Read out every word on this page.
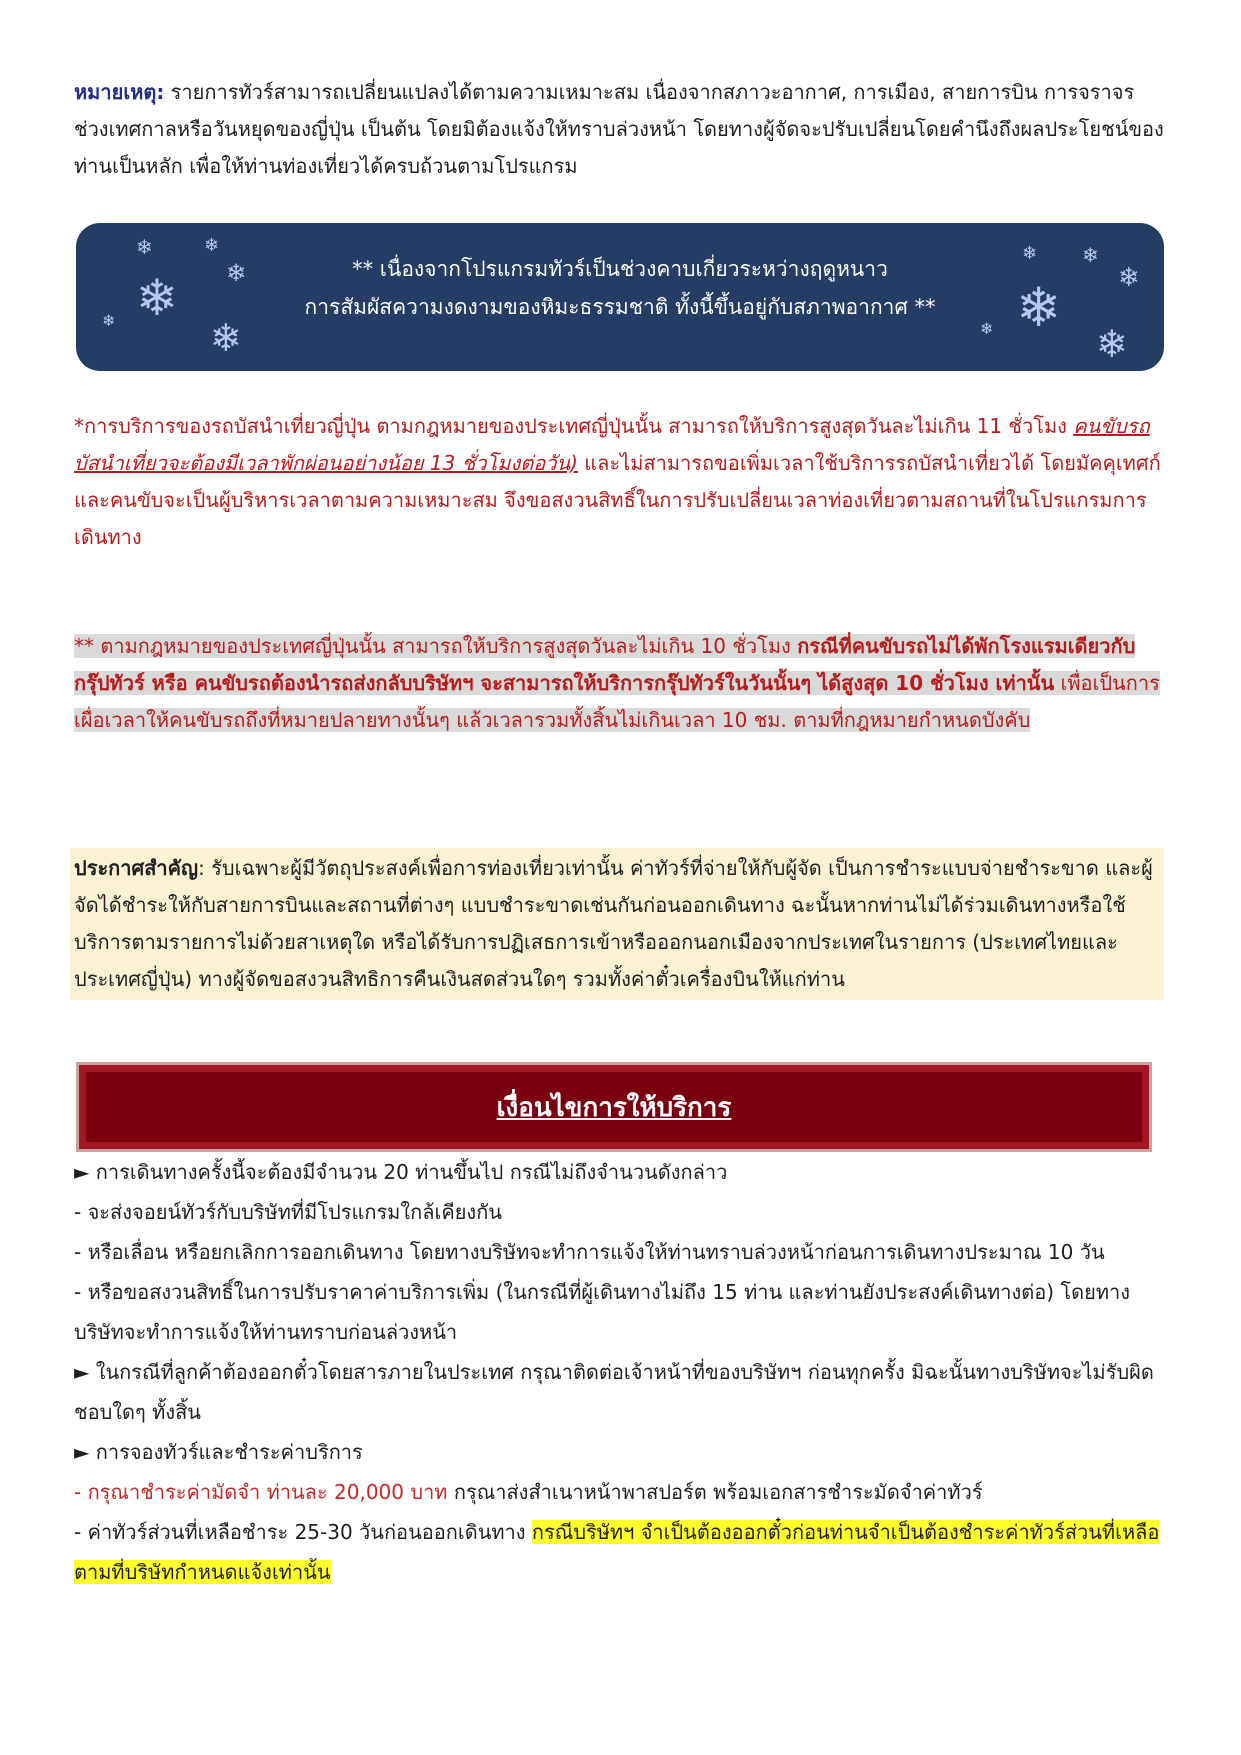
หมายเหตุ: รายการทัวร์สามารถเปลี่ยนแปลงได้ตามความเหมาะสม เนื่องจากสภาวะอากาศ, การเมือง, สายการบิน การจราจร ช่วงเทศกาลหรือวันหยุดของญี่ปุ่น เป็นต้น โดยมิต้องแจ้งให้ทราบล่วงหน้า โดยทางผู้จัดจะปรับเปลี่ยนโดยคำนึงถึงผลประโยชน์ของท่านเป็นหลัก เพื่อให้ท่านท่องเที่ยวได้ครบถ้วนตามโปรแกรม

❄	❄
❄
❄
❄ ❄
❄ ❄
❄
❄
❄	❄
** เนื่องจากโปรแกรมทัวร์เป็นช่วงคาบเกี่ยวระหว่างฤดูหนาว
การสัมผัสความงดงามของหิมะธรรมชาติ ทั้งนี้ขึ้นอยู่กับสภาพอากาศ **

*การบริการของรถบัสนำเที่ยวญี่ปุ่น ตามกฎหมายของประเทศญี่ปุ่นนั้น สามารถให้บริการสูงสุดวันละไม่เกิน 11 ชั่วโมง คนขับรถบัสนำเที่ยวจะต้องมีเวลาพักผ่อนอย่างน้อย 13 ชั่วโมงต่อวัน) และไม่สามารถขอเพิ่มเวลาใช้บริการรถบัสนำเที่ยวได้ โดยมัคคุเทศก์และคนขับจะเป็นผู้บริหารเวลาตามความเหมาะสม จึงขอสงวนสิทธิ์ในการปรับเปลี่ยนเวลาท่องเที่ยวตามสถานที่ในโปรแกรมการเดินทาง

** ตามกฎหมายของประเทศญี่ปุ่นนั้น สามารถให้บริการสูงสุดวันละไม่เกิน 10 ชั่วโมง กรณีที่คนขับรถไม่ได้พักโรงแรมเดียวกับกรุ๊ปทัวร์ หรือ คนขับรถต้องนำรถส่งกลับบริษัทฯ จะสามารถให้บริการกรุ๊ปทัวร์ในวันนั้นๆ ได้สูงสุด 10 ชั่วโมง เท่านั้น เพื่อเป็นการเผื่อเวลาให้คนขับรถถึงที่หมายปลายทางนั้นๆ แล้วเวลารวมทั้งสิ้นไม่เกินเวลา 10 ชม. ตามที่กฎหมายกำหนดบังคับ

ประกาศสำคัญ: รับเฉพาะผู้มีวัตถุประสงค์เพื่อการท่องเที่ยวเท่านั้น ค่าทัวร์ที่จ่ายให้กับผู้จัด เป็นการชำระแบบจ่ายชำระขาด และผู้จัดได้ชำระให้กับสายการบินและสถานที่ต่างๆ แบบชำระขาดเช่นกันก่อนออกเดินทาง ฉะนั้นหากท่านไม่ได้ร่วมเดินทางหรือใช้บริการตามรายการไม่ด้วยสาเหตุใด หรือได้รับการปฏิเสธการเข้าหรือออกนอกเมืองจากประเทศในรายการ (ประเทศไทยและประเทศญี่ปุ่น) ทางผู้จัดขอสงวนสิทธิการคืนเงินสดส่วนใดๆ รวมทั้งค่าตั๋วเครื่องบินให้แก่ท่าน

เงื่อนไขการให้บริการ

► การเดินทางครั้งนี้จะต้องมีจำนวน 20 ท่านขึ้นไป กรณีไม่ถึงจำนวนดังกล่าว

- จะส่งจอยน์ทัวร์กับบริษัทที่มีโปรแกรมใกล้เคียงกัน

- หรือเลื่อน หรือยกเลิกการออกเดินทาง โดยทางบริษัทจะทำการแจ้งให้ท่านทราบล่วงหน้าก่อนการเดินทางประมาณ 10 วัน

- หรือขอสงวนสิทธิ์ในการปรับราคาค่าบริการเพิ่ม (ในกรณีที่ผู้เดินทางไม่ถึง 15 ท่าน และท่านยังประสงค์เดินทางต่อ) โดยทางบริษัทจะทำการแจ้งให้ท่านทราบก่อนล่วงหน้า

► ในกรณีที่ลูกค้าต้องออกตั๋วโดยสารภายในประเทศ กรุณาติดต่อเจ้าหน้าที่ของบริษัทฯ ก่อนทุกครั้ง มิฉะนั้นทางบริษัทจะไม่รับผิดชอบใดๆ ทั้งสิ้น

► การจองทัวร์และชำระค่าบริการ

- กรุณาชำระค่ามัดจำ ท่านละ 20,000 บาท กรุณาส่งสำเนาหน้าพาสปอร์ต พร้อมเอกสารชำระมัดจำค่าทัวร์

- ค่าทัวร์ส่วนที่เหลือชำระ 25-30 วันก่อนออกเดินทาง กรณีบริษัทฯ จำเป็นต้องออกตั๋วก่อนท่านจำเป็นต้องชำระค่าทัวร์ส่วนที่เหลือตามที่บริษัทกำหนดแจ้งเท่านั้น
